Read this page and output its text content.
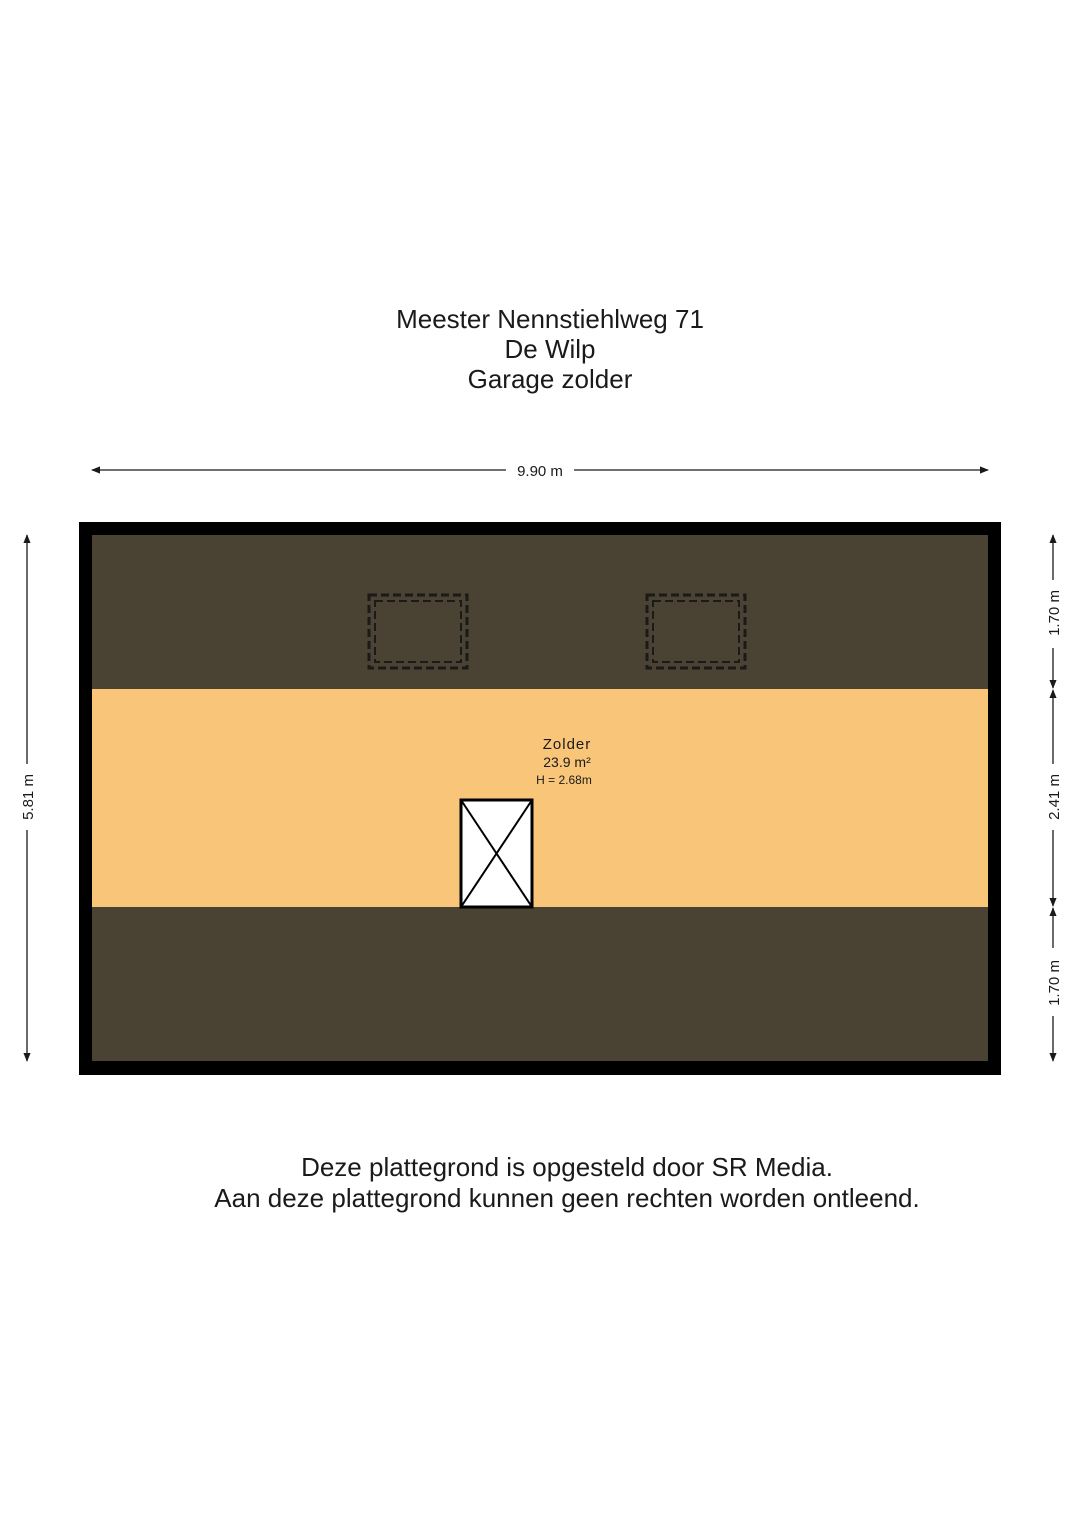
Meester Nennstiehlweg 71
De Wilp
Garage zolder
9.90 m
5.81 m
1.70 m
2.41 m
1.70 m
Zolder
23.9 m²
H = 2.68m
Deze plattegrond is opgesteld door SR Media.
Aan deze plattegrond kunnen geen rechten worden ontleend.
